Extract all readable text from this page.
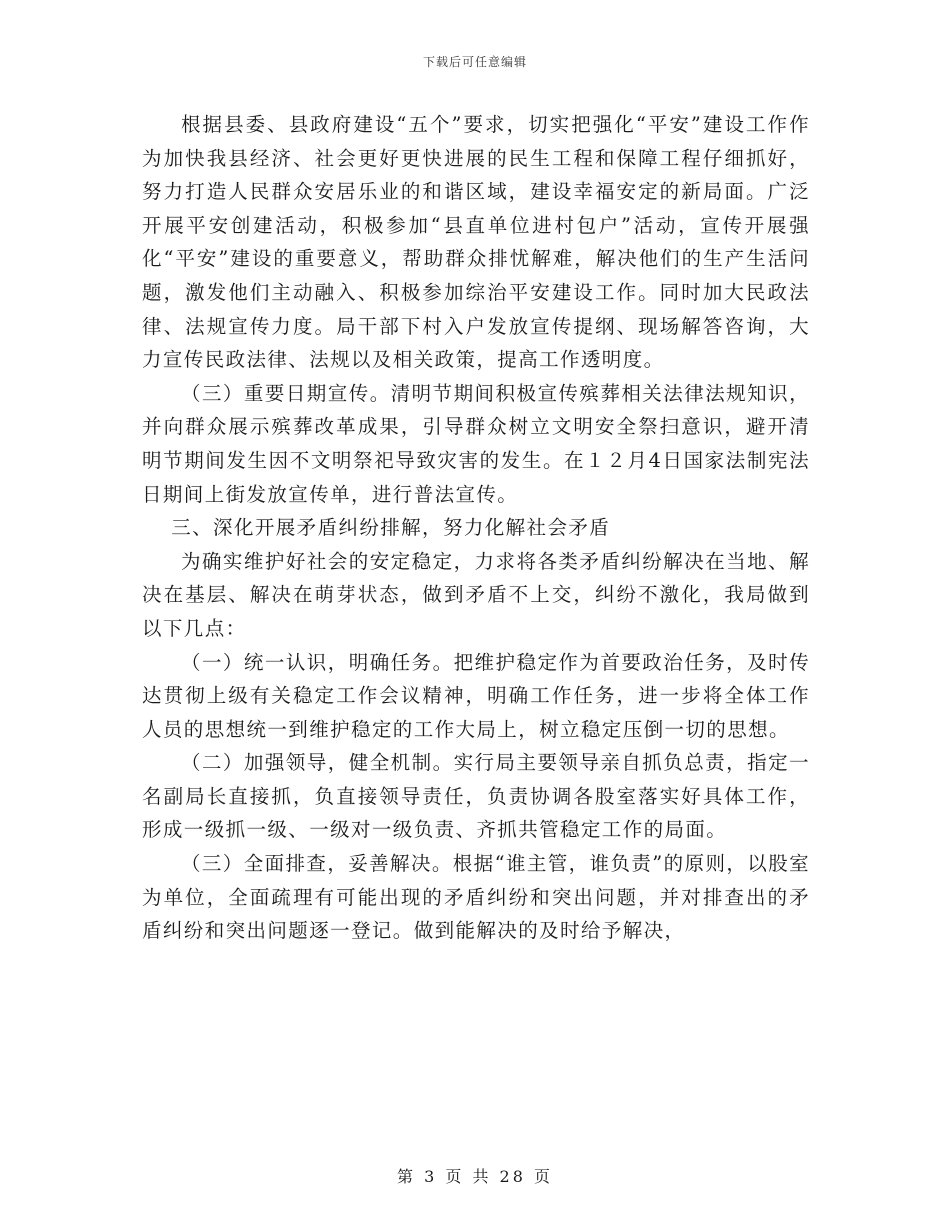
下载后可任意编辑

根据县委、县政府建设“五个”要求，切实把强化“平安”建设工作作为加快我县经济、社会更好更快进展的民生工程和保障工程仔细抓好，努力打造人民群众安居乐业的和谐区域，建设幸福安定的新局面。广泛开展平安创建活动，积极参加“县直单位进村包户”活动，宣传开展强化“平安”建设的重要意义，帮助群众排忧解难，解决他们的生产生活问题，激发他们主动融入、积极参加综治平安建设工作。同时加大民政法律、法规宣传力度。局干部下村入户发放宣传提纲、现场解答咨询，大力宣传民政法律、法规以及相关政策，提高工作透明度。

（三）重要日期宣传。清明节期间积极宣传殡葬相关法律法规知识，并向群众展示殡葬改革成果，引导群众树立文明安全祭扫意识，避开清明节期间发生因不文明祭祀导致灾害的发生。在１２月4日国家法制宪法日期间上街发放宣传单，进行普法宣传。

三、深化开展矛盾纠纷排解，努力化解社会矛盾

为确实维护好社会的安定稳定，力求将各类矛盾纠纷解决在当地、解决在基层、解决在萌芽状态，做到矛盾不上交，纠纷不激化，我局做到以下几点：

（一）统一认识，明确任务。把维护稳定作为首要政治任务，及时传达贯彻上级有关稳定工作会议精神，明确工作任务，进一步将全体工作人员的思想统一到维护稳定的工作大局上，树立稳定压倒一切的思想。

（二）加强领导，健全机制。实行局主要领导亲自抓负总责，指定一名副局长直接抓，负直接领导责任，负责协调各股室落实好具体工作，形成一级抓一级、一级对一级负责、齐抓共管稳定工作的局面。

（三）全面排查，妥善解决。根据“谁主管，谁负责”的原则，以股室为单位，全面疏理有可能出现的矛盾纠纷和突出问题，并对排查出的矛盾纠纷和突出问题逐一登记。做到能解决的及时给予解决，

第 3 页 共 28 页
